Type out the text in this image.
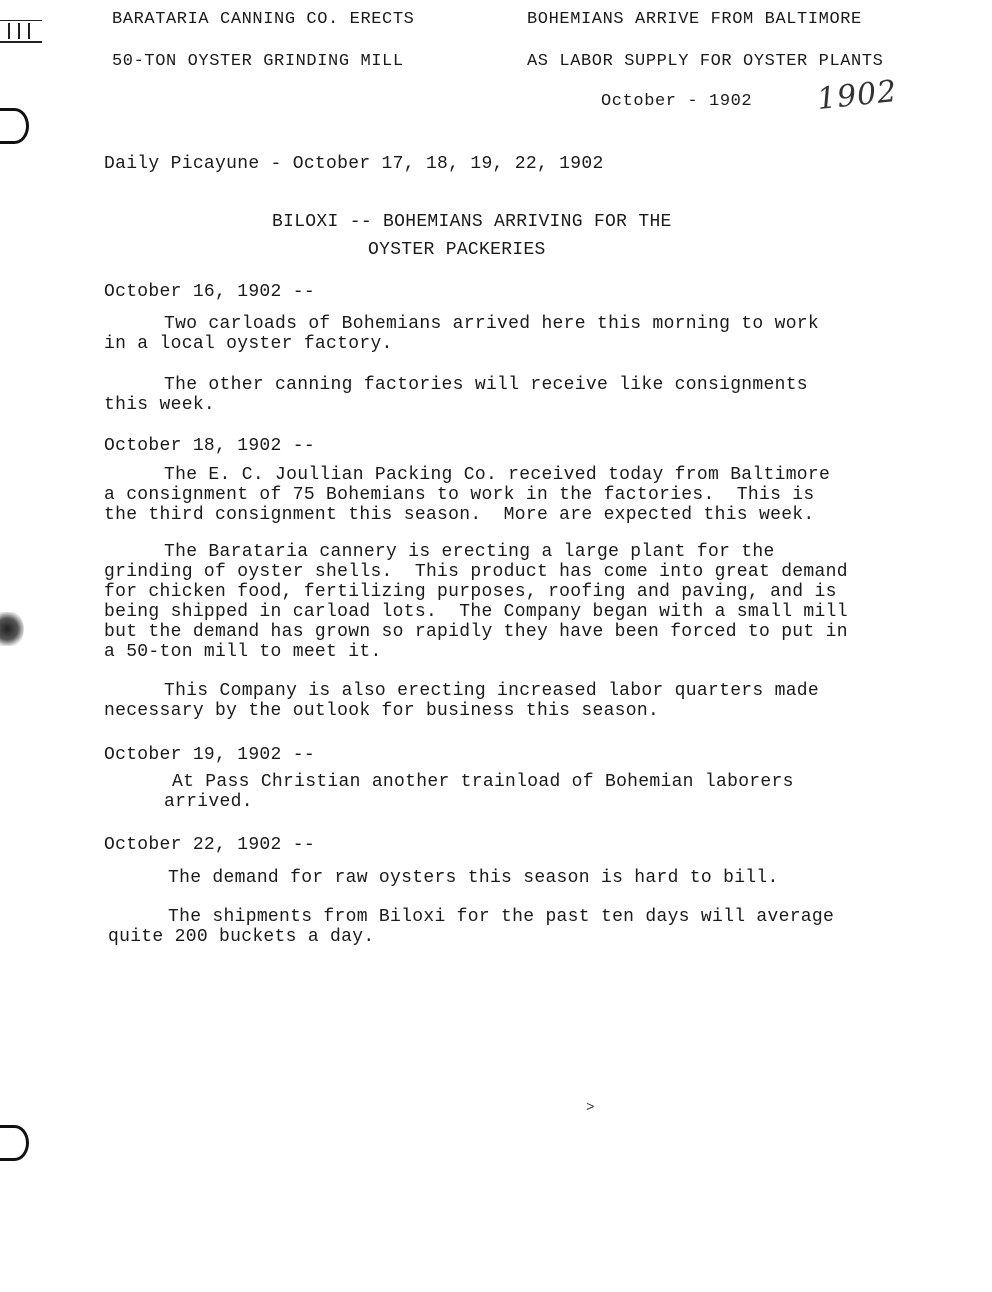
BARATARIA CANNING CO. ERECTS
50-TON OYSTER GRINDING MILL
BOHEMIANS ARRIVE FROM BALTIMORE
AS LABOR SUPPLY FOR OYSTER PLANTS
October - 1902 1902
Daily Picayune - October 17, 18, 19, 22, 1902
BILOXI -- BOHEMIANS ARRIVING FOR THE
OYSTER PACKERIES
October 16, 1902 --
Two carloads of Bohemians arrived here this morning to work
in a local oyster factory.
The other canning factories will receive like consignments
this week.
October 18, 1902 --
The E. C. Joullian Packing Co. received today from Baltimore
a consignment of 75 Bohemians to work in the factories.  This is
the third consignment this season.  More are expected this week.
The Barataria cannery is erecting a large plant for the
grinding of oyster shells.  This product has come into great demand
for chicken food, fertilizing purposes, roofing and paving, and is
being shipped in carload lots.  The Company began with a small mill
but the demand has grown so rapidly they have been forced to put in
a 50-ton mill to meet it.
This Company is also erecting increased labor quarters made
necessary by the outlook for business this season.
October 19, 1902 --
At Pass Christian another trainload of Bohemian laborers
arrived.
October 22, 1902 --
The demand for raw oysters this season is hard to bill.
The shipments from Biloxi for the past ten days will average
quite 200 buckets a day.
˃
